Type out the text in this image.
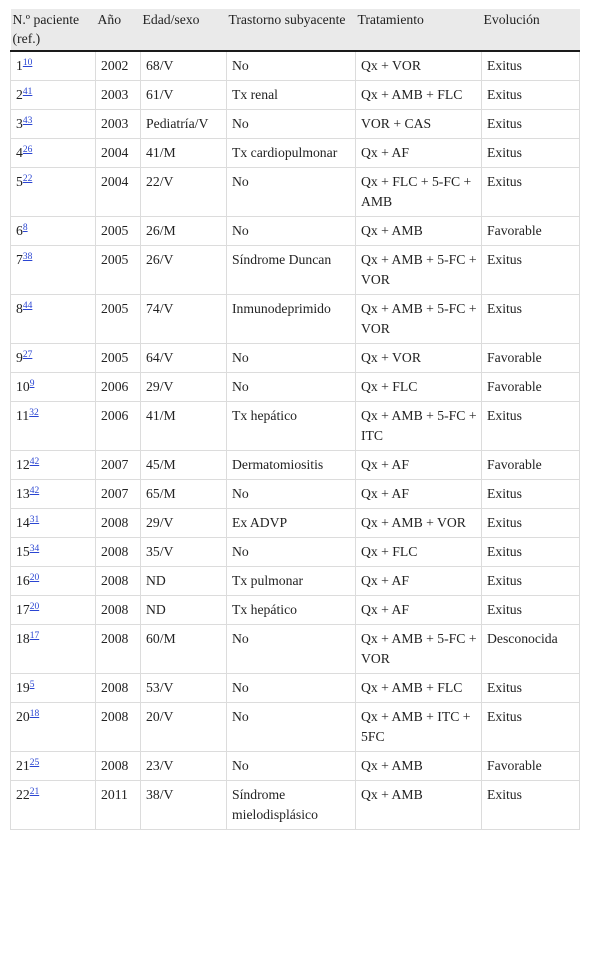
N.º paciente (ref.)	Año	Edad/sexo	Trastorno subyacente	Tratamiento	Evolución
$1^{10}$	2002	68/V	No	Qx + VOR	Exitus
$2^{41}$	2003	61/V	Tx renal	Qx + AMB + FLC	Exitus
$3^{43}$	2003	Pediatría/V	No	VOR + CAS	Exitus
$4^{26}$	2004	41/M	Tx cardiopulmonar	Qx + AF	Exitus
$5^{22}$	2004	22/V	No	Qx + FLC + 5-FC + AMB	Exitus
$6^8$	2005	26/M	No	Qx + AMB	Favorable
$7^{38}$	2005	26/V	Síndrome Duncan	Qx + AMB + 5-FC + VOR	Exitus
$8^{44}$	2005	74/V	Inmunodeprimido	Qx + AMB + 5-FC + VOR	Exitus
$9^{27}$	2005	64/V	No	Qx + VOR	Favorable
$10^9$	2006	29/V	No	Qx + FLC	Favorable
$11^{32}$	2006	41/M	Tx hepático	Qx + AMB + 5-FC + ITC	Exitus
$12^{42}$	2007	45/M	Dermatomiositis	Qx + AF	Favorable
$13^{42}$	2007	65/M	No	Qx + AF	Exitus
$14^{31}$	2008	29/V	Ex ADVP	Qx + AMB + VOR	Exitus
$15^{34}$	2008	35/V	No	Qx + FLC	Exitus
$16^{20}$	2008	ND	Tx pulmonar	Qx + AF	Exitus
$17^{20}$	2008	ND	Tx hepático	Qx + AF	Exitus
$18^{17}$	2008	60/M	No	Qx + AMB + 5-FC + VOR	Desconocida
$19^5$	2008	53/V	No	Qx + AMB + FLC	Exitus
$20^{18}$	2008	20/V	No	Qx + AMB + ITC + 5FC	Exitus
$21^{25}$	2008	23/V	No	Qx + AMB	Favorable
$22^{21}$	2011	38/V	Síndrome mielodisplásico	Qx + AMB	Exitus
